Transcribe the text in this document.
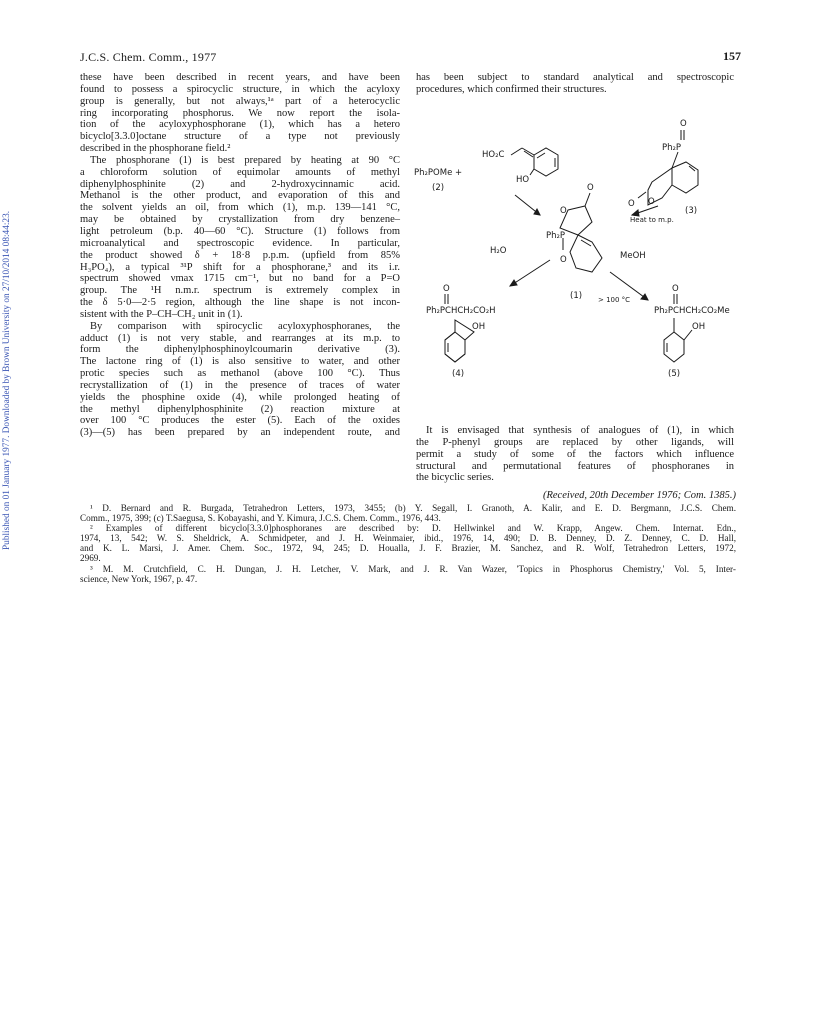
Published on 01 January 1977. Downloaded by Brown University on 27/10/2014 08:44:23.
J.C.S. Chem. Comm., 1977	157
these have been described in recent years, and have been
found to possess a spirocyclic structure, in which the acyloxy
group is generally, but not always,¹ᵃ part of a heterocyclic
ring incorporating phosphorus. We now report the isola-
tion of the acyloxyphosphorane (1), which has a hetero
bicyclo[3.3.0]octane structure of a type not previously
described in the phosphorane field.²
The phosphorane (1) is best prepared by heating at 90 °C
a chloroform solution of equimolar amounts of methyl
diphenylphosphinite (2) and 2-hydroxycinnamic acid.
Methanol is the other product, and evaporation of this and
the solvent yields an oil, from which (1), m.p. 139—141 °C,
may be obtained by crystallization from dry benzene–
light petroleum (b.p. 40—60 °C). Structure (1) follows from
microanalytical and spectroscopic evidence. In particular,
the product showed δ + 18·8 p.p.m. (upfield from 85%
H₃PO₄), a typical ³¹P shift for a phosphorane,³ and its i.r.
spectrum showed νmax 1715 cm⁻¹, but no band for a P=O
group. The ¹H n.m.r. spectrum is extremely complex in
the δ 5·0—2·5 region, although the line shape is not incon-
sistent with the P–CH–CH₂ unit in (1).
By comparison with spirocyclic acyloxyphosphoranes, the
adduct (1) is not very stable, and rearranges at its m.p. to
form the diphenylphosphinoylcoumarin derivative (3).
The lactone ring of (1) is also sensitive to water, and other
protic species such as methanol (above 100 °C). Thus
recrystallization of (1) in the presence of traces of water
yields the phosphine oxide (4), while prolonged heating of
the methyl diphenylphosphinite (2) reaction mixture at
over 100 °C produces the ester (5). Each of the oxides
(3)—(5) has been prepared by an independent route, and
has been subject to standard analytical and spectroscopic
procedures, which confirmed their structures.
Ph₂POMe +
(2)
HO₂C
HO
O
Ph₂P
O
O
(3)
Heat to m.p.
O
O
Ph₂P
O
H₂O
(1)
MeOH
> 100 °C
O
Ph₂PCHCH₂CO₂H
OH
(4)
O
Ph₂PCHCH₂CO₂Me
OH
(5)
It is envisaged that synthesis of analogues of (1), in which
the P-phenyl groups are replaced by other ligands, will
permit a study of some of the factors which influence
structural and permutational features of phosphoranes in
the bicyclic series.
(Received, 20th December 1976; Com. 1385.)
¹ D. Bernard and R. Burgada, Tetrahedron Letters, 1973, 3455; (b) Y. Segall, I. Granoth, A. Kalir, and E. D. Bergmann, J.C.S. Chem.
Comm., 1975, 399; (c) T.Saegusa, S. Kobayashi, and Y. Kimura, J.C.S. Chem. Comm., 1976, 443.
² Examples of different bicyclo[3.3.0]phosphoranes are described by: D. Hellwinkel and W. Krapp, Angew. Chem. Internat. Edn.,
1974, 13, 542; W. S. Sheldrick, A. Schmidpeter, and J. H. Weinmaier, ibid., 1976, 14, 490; D. B. Denney, D. Z. Denney, C. D. Hall,
and K. L. Marsi, J. Amer. Chem. Soc., 1972, 94, 245; D. Houalla, J. F. Brazier, M. Sanchez, and R. Wolf, Tetrahedron Letters, 1972,
2969.
³ M. M. Crutchfield, C. H. Dungan, J. H. Letcher, V. Mark, and J. R. Van Wazer, 'Topics in Phosphorus Chemistry,' Vol. 5, Inter-
science, New York, 1967, p. 47.
